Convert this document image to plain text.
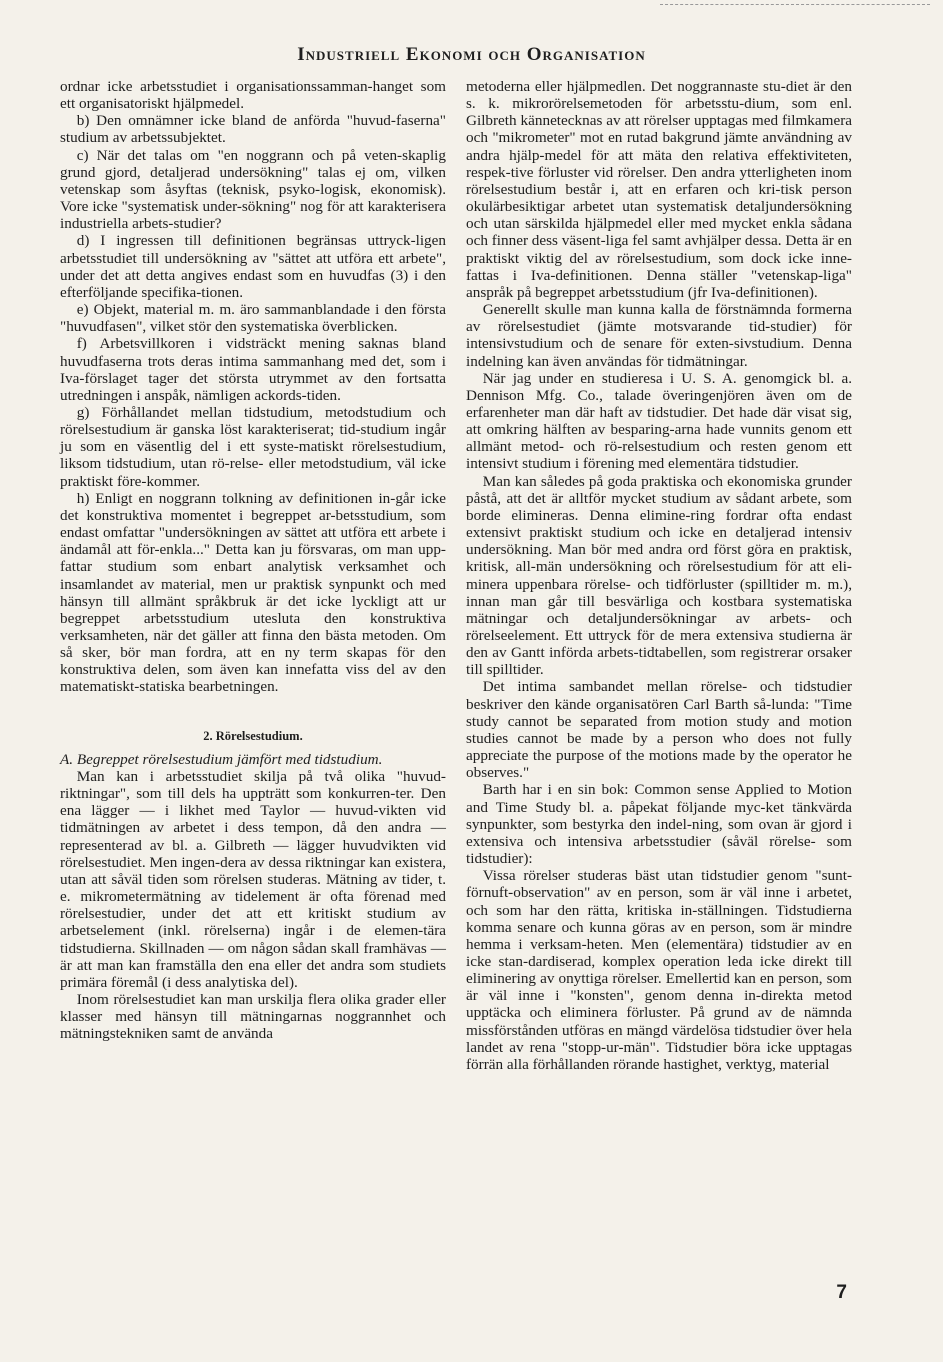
Industriell Ekonomi och Organisation

ordnar icke arbetsstudiet i organisationssamman-hanget som ett organisatoriskt hjälpmedel.

b) Den omnämner icke bland de anförda "huvud-faserna" studium av arbetssubjektet.

c) När det talas om "en noggrann och på veten-skaplig grund gjord, detaljerad undersökning" talas ej om, vilken vetenskap som åsyftas (teknisk, psyko-logisk, ekonomisk). Vore icke "systematisk under-sökning" nog för att karakterisera industriella arbets-studier?

d) I ingressen till definitionen begränsas uttryck-ligen arbetsstudiet till undersökning av "sättet att utföra ett arbete", under det att detta angives endast som en huvudfas (3) i den efterföljande specifika-tionen.

e) Objekt, material m. m. äro sammanblandade i den första "huvudfasen", vilket stör den systematiska överblicken.

f) Arbetsvillkoren i vidsträckt mening saknas bland huvudfaserna trots deras intima sammanhang med det, som i Iva-förslaget tager det största utrymmet av den fortsatta utredningen i anspåk, nämligen ackords-tiden.

g) Förhållandet mellan tidstudium, metodstudium och rörelsestudium är ganska löst karakteriserat; tid-studium ingår ju som en väsentlig del i ett syste-matiskt rörelsestudium, liksom tidstudium, utan rö-relse- eller metodstudium, väl icke praktiskt före-kommer.

h) Enligt en noggrann tolkning av definitionen in-går icke det konstruktiva momentet i begreppet ar-betsstudium, som endast omfattar "undersökningen av sättet att utföra ett arbete i ändamål att för-enkla..." Detta kan ju försvaras, om man upp-fattar studium som enbart analytisk verksamhet och insamlandet av material, men ur praktisk synpunkt och med hänsyn till allmänt språkbruk är det icke lyckligt att ur begreppet arbetsstudium utesluta den konstruktiva verksamheten, när det gäller att finna den bästa metoden. Om så sker, bör man fordra, att en ny term skapas för den konstruktiva delen, som även kan innefatta viss del av den matematiskt-statiska bearbetningen.

2. Rörelsestudium.

A. Begreppet rörelsestudium jämfört med tidstudium.

Man kan i arbetsstudiet skilja på två olika "huvud-riktningar", som till dels ha uppträtt som konkurren-ter. Den ena lägger — i likhet med Taylor — huvud-vikten vid tidmätningen av arbetet i dess tempon, då den andra — representerad av bl. a. Gilbreth — lägger huvudvikten vid rörelsestudiet. Men ingen-dera av dessa riktningar kan existera, utan att såväl tiden som rörelsen studeras. Mätning av tider, t. e. mikrometermätning av tidelement är ofta förenad med rörelsestudier, under det att ett kritiskt studium av arbetselement (inkl. rörelserna) ingår i de elemen-tära tidstudierna. Skillnaden — om någon sådan skall framhävas — är att man kan framställa den ena eller det andra som studiets primära föremål (i dess analytiska del).

Inom rörelsestudiet kan man urskilja flera olika grader eller klasser med hänsyn till mätningarnas noggrannhet och mätningstekniken samt de använda

metoderna eller hjälpmedlen. Det noggrannaste stu-diet är den s. k. mikrorörelsemetoden för arbetsstu-dium, som enl. Gilbreth kännetecknas av att rörelser upptagas med filmkamera och "mikrometer" mot en rutad bakgrund jämte användning av andra hjälp-medel för att mäta den relativa effektiviteten, respek-tive förluster vid rörelser. Den andra ytterligheten inom rörelsestudium består i, att en erfaren och kri-tisk person okulärbesiktigar arbetet utan systematisk detaljundersökning och utan särskilda hjälpmedel eller med mycket enkla sådana och finner dess väsent-liga fel samt avhjälper dessa. Detta är en praktiskt viktig del av rörelsestudium, som dock icke inne-fattas i Iva-definitionen. Denna ställer "vetenskap-liga" anspråk på begreppet arbetsstudium (jfr Iva-definitionen).

Generellt skulle man kunna kalla de förstnämnda formerna av rörelsestudiet (jämte motsvarande tid-studier) för intensivstudium och de senare för exten-sivstudium. Denna indelning kan även användas för tidmätningar.

När jag under en studieresa i U. S. A. genomgick bl. a. Dennison Mfg. Co., talade överingenjören även om de erfarenheter man där haft av tidstudier. Det hade där visat sig, att omkring hälften av besparing-arna hade vunnits genom ett allmänt metod- och rö-relsestudium och resten genom ett intensivt studium i förening med elementära tidstudier.

Man kan således på goda praktiska och ekonomiska grunder påstå, att det är alltför mycket studium av sådant arbete, som borde elimineras. Denna elimine-ring fordrar ofta endast extensivt praktiskt studium och icke en detaljerad intensiv undersökning. Man bör med andra ord först göra en praktisk, kritisk, all-män undersökning och rörelsestudium för att eli-minera uppenbara rörelse- och tidförluster (spilltider m. m.), innan man går till besvärliga och kostbara systematiska mätningar och detaljundersökningar av arbets- och rörelseelement. Ett uttryck för de mera extensiva studierna är den av Gantt införda arbets-tidtabellen, som registrerar orsaker till spilltider.

Det intima sambandet mellan rörelse- och tidstudier beskriver den kände organisatören Carl Barth så-lunda: "Time study cannot be separated from motion study and motion studies cannot be made by a person who does not fully appreciate the purpose of the motions made by the operator he observes."

Barth har i en sin bok: Common sense Applied to Motion and Time Study bl. a. påpekat följande myc-ket tänkvärda synpunkter, som bestyrka den indel-ning, som ovan är gjord i extensiva och intensiva arbetsstudier (såväl rörelse- som tidstudier):

Vissa rörelser studeras bäst utan tidstudier genom "sunt-förnuft-observation" av en person, som är väl inne i arbetet, och som har den rätta, kritiska in-ställningen. Tidstudierna komma senare och kunna göras av en person, som är mindre hemma i verksam-heten. Men (elementära) tidstudier av en icke stan-dardiserad, komplex operation leda icke direkt till eliminering av onyttiga rörelser. Emellertid kan en person, som är väl inne i "konsten", genom denna in-direkta metod upptäcka och eliminera förluster. På grund av de nämnda missförstånden utföras en mängd värdelösa tidstudier över hela landet av rena "stopp-ur-män". Tidstudier böra icke upptagas förrän alla förhållanden rörande hastighet, verktyg, material

7
